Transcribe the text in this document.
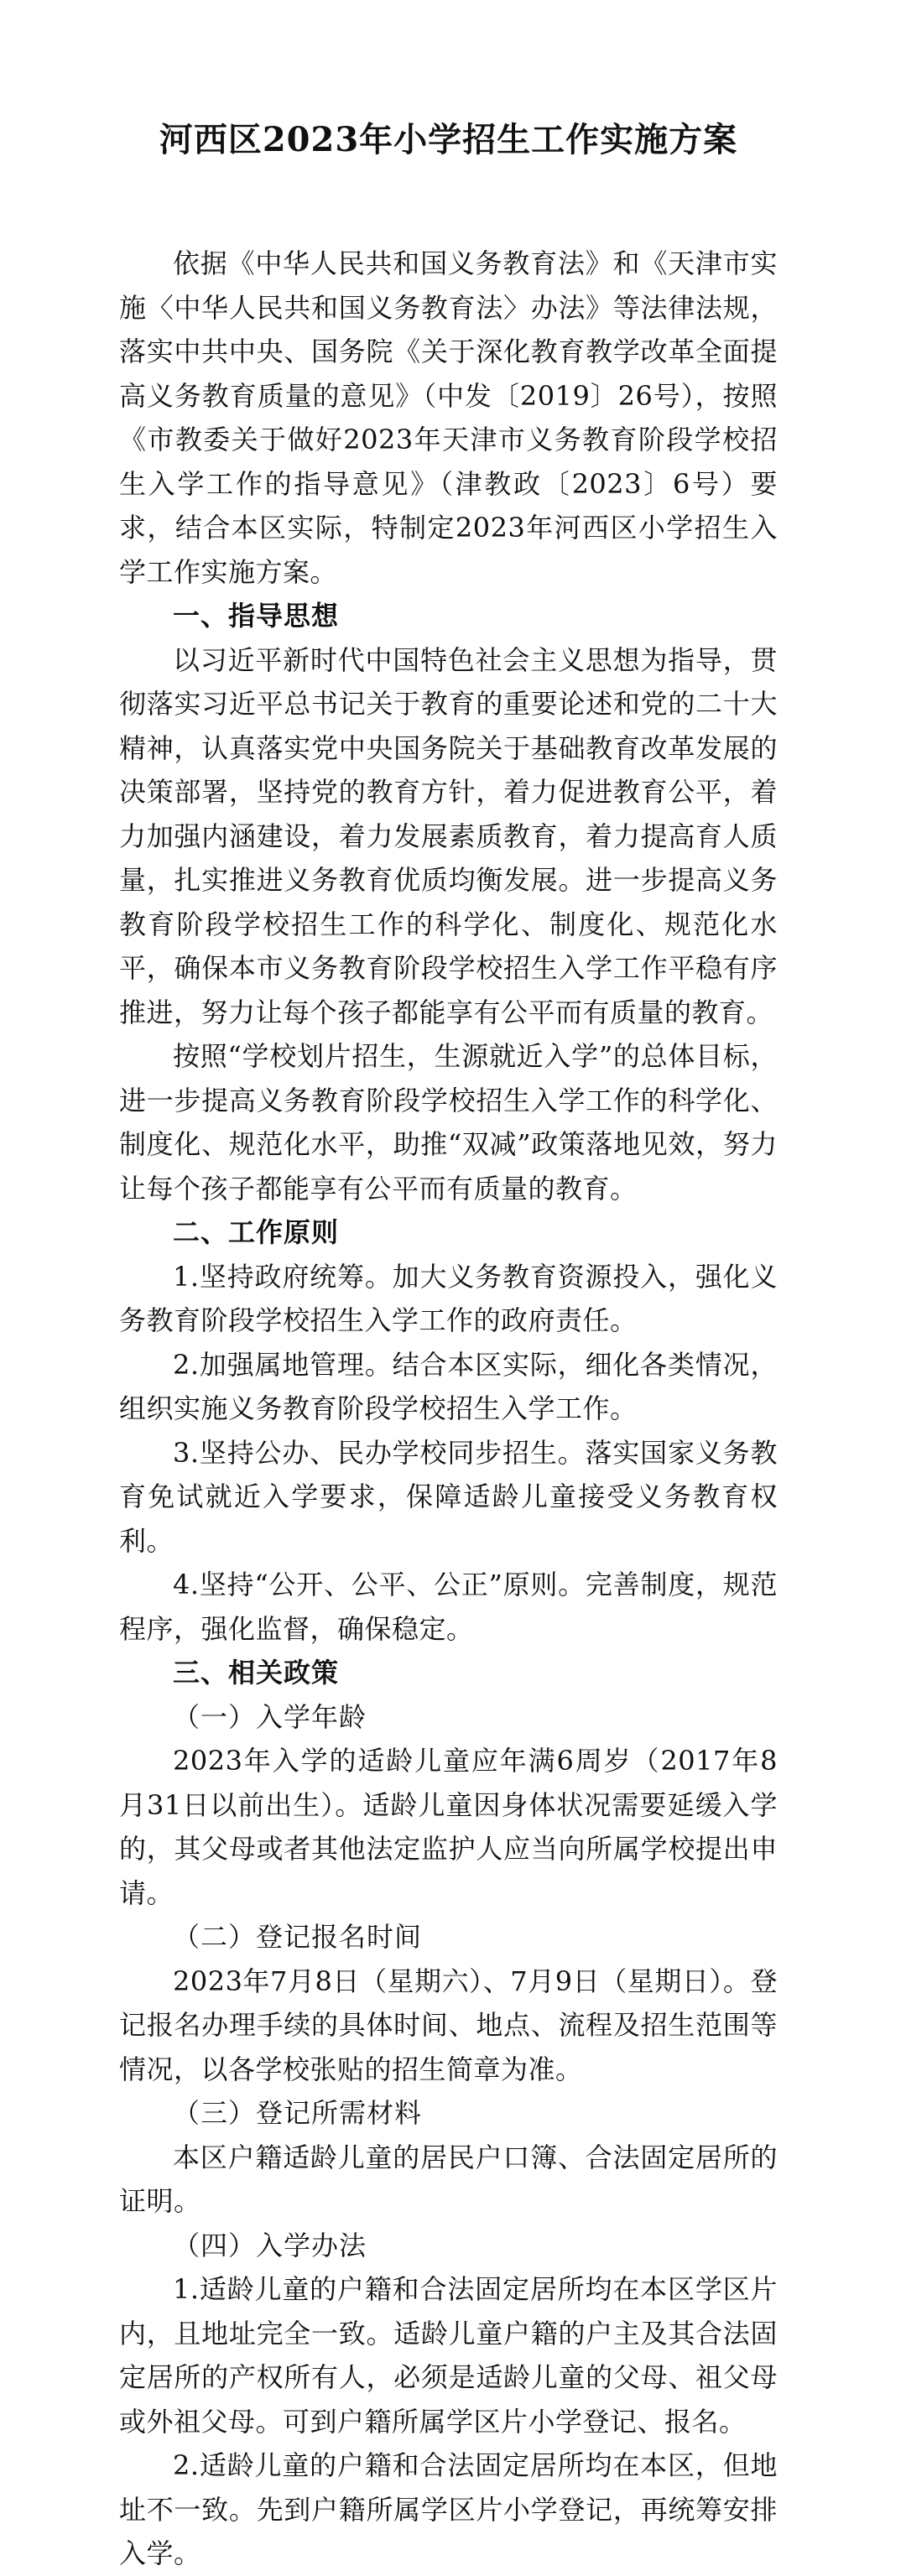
河西区2023年小学招生工作实施方案

依据《中华人民共和国义务教育法》和《天津市实施〈中华人民共和国义务教育法〉办法》等法律法规，落实中共中央、国务院《关于深化教育教学改革全面提高义务教育质量的意见》（中发〔2019〕26号），按照《市教委关于做好2023年天津市义务教育阶段学校招生入学工作的指导意见》（津教政〔2023〕6号）要求，结合本区实际，特制定2023年河西区小学招生入学工作实施方案。

一、指导思想

以习近平新时代中国特色社会主义思想为指导，贯彻落实习近平总书记关于教育的重要论述和党的二十大精神，认真落实党中央国务院关于基础教育改革发展的决策部署，坚持党的教育方针，着力促进教育公平，着力加强内涵建设，着力发展素质教育，着力提高育人质量，扎实推进义务教育优质均衡发展。进一步提高义务教育阶段学校招生工作的科学化、制度化、规范化水平，确保本市义务教育阶段学校招生入学工作平稳有序推进，努力让每个孩子都能享有公平而有质量的教育。

按照“学校划片招生，生源就近入学”的总体目标，进一步提高义务教育阶段学校招生入学工作的科学化、制度化、规范化水平，助推“双减”政策落地见效，努力让每个孩子都能享有公平而有质量的教育。

二、工作原则

1.坚持政府统筹。加大义务教育资源投入，强化义务教育阶段学校招生入学工作的政府责任。

2.加强属地管理。结合本区实际，细化各类情况，组织实施义务教育阶段学校招生入学工作。

3.坚持公办、民办学校同步招生。落实国家义务教育免试就近入学要求，保障适龄儿童接受义务教育权利。

4.坚持“公开、公平、公正”原则。完善制度，规范程序，强化监督，确保稳定。

三、相关政策

（一）入学年龄

2023年入学的适龄儿童应年满6周岁（2017年8月31日以前出生）。适龄儿童因身体状况需要延缓入学的，其父母或者其他法定监护人应当向所属学校提出申请。

（二）登记报名时间

2023年7月8日（星期六）、7月9日（星期日）。登记报名办理手续的具体时间、地点、流程及招生范围等情况，以各学校张贴的招生简章为准。

（三）登记所需材料

本区户籍适龄儿童的居民户口簿、合法固定居所的证明。

（四）入学办法

1.适龄儿童的户籍和合法固定居所均在本区学区片内，且地址完全一致。适龄儿童户籍的户主及其合法固定居所的产权所有人，必须是适龄儿童的父母、祖父母或外祖父母。可到户籍所属学区片小学登记、报名。

2.适龄儿童的户籍和合法固定居所均在本区，但地址不一致。先到户籍所属学区片小学登记，再统筹安排入学。
